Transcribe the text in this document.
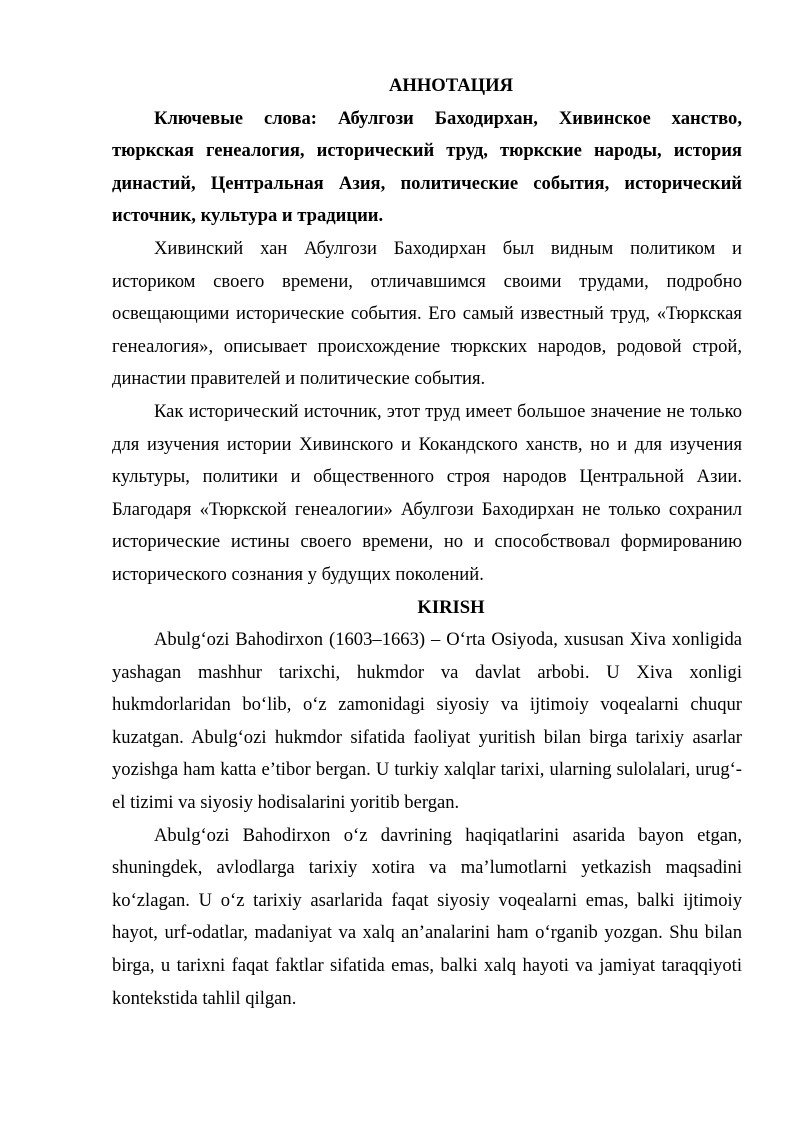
АННОТАЦИЯ

Ключевые слова: Абулгози Баходирхан, Хивинское ханство, тюркская генеалогия, исторический труд, тюркские народы, история династий, Центральная Азия, политические события, исторический источник, культура и традиции.

Хивинский хан Абулгози Баходирхан был видным политиком и историком своего времени, отличавшимся своими трудами, подробно освещающими исторические события. Его самый известный труд, «Тюркская генеалогия», описывает происхождение тюркских народов, родовой строй, династии правителей и политические события.

Как исторический источник, этот труд имеет большое значение не только для изучения истории Хивинского и Кокандского ханств, но и для изучения культуры, политики и общественного строя народов Центральной Азии. Благодаря «Тюркской генеалогии» Абулгози Баходирхан не только сохранил исторические истины своего времени, но и способствовал формированию исторического сознания у будущих поколений.

KIRISH

Abulgʻozi Bahodirxon (1603–1663) – Oʻrta Osiyoda, xususan Xiva xonligida yashagan mashhur tarixchi, hukmdor va davlat arbobi. U Xiva xonligi hukmdorlaridan boʻlib, oʻz zamonidagi siyosiy va ijtimoiy voqealarni chuqur kuzatgan. Abulgʻozi hukmdor sifatida faoliyat yuritish bilan birga tarixiy asarlar yozishga ham katta e’tibor bergan. U turkiy xalqlar tarixi, ularning sulolalari, urugʻ-el tizimi va siyosiy hodisalarini yoritib bergan.

Abulgʻozi Bahodirxon oʻz davrining haqiqatlarini asarida bayon etgan, shuningdek, avlodlarga tarixiy xotira va ma’lumotlarni yetkazish maqsadini koʻzlagan. U oʻz tarixiy asarlarida faqat siyosiy voqealarni emas, balki ijtimoiy hayot, urf-odatlar, madaniyat va xalq an’analarini ham oʻrganib yozgan. Shu bilan birga, u tarixni faqat faktlar sifatida emas, balki xalq hayoti va jamiyat taraqqiyoti kontekstida tahlil qilgan.
